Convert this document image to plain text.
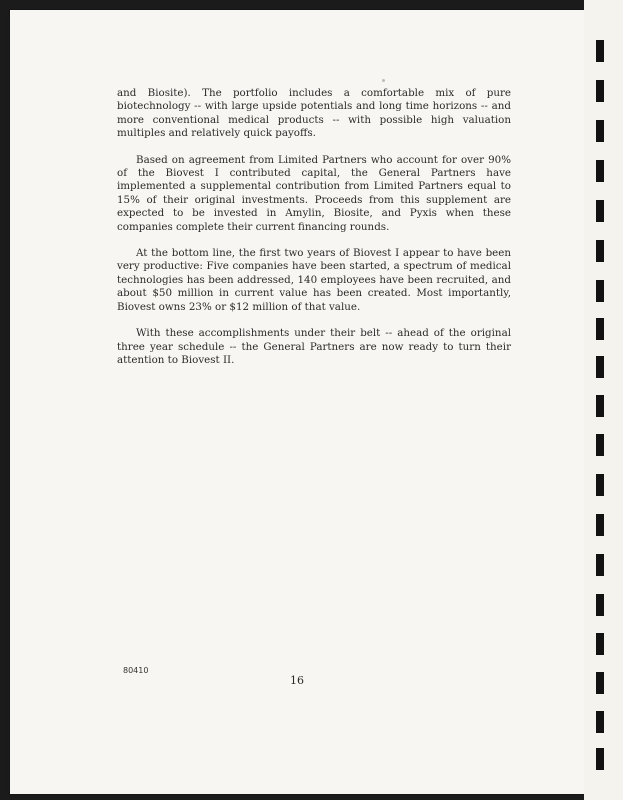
and Biosite). The portfolio includes a comfortable mix of pure biotechnology -- with large upside potentials and long time horizons -- and more conventional medical products -- with possible high valuation multiples and relatively quick payoffs.

Based on agreement from Limited Partners who account for over 90% of the Biovest I contributed capital, the General Partners have implemented a supplemental contribution from Limited Partners equal to 15% of their original investments. Proceeds from this supplement are expected to be invested in Amylin, Biosite, and Pyxis when these companies complete their current financing rounds.

At the bottom line, the first two years of Biovest I appear to have been very productive: Five companies have been started, a spectrum of medical technologies has been addressed, 140 employees have been recruited, and about $50 million in current value has been created. Most importantly, Biovest owns 23% or $12 million of that value.

With these accomplishments under their belt -- ahead of the original three year schedule -- the General Partners are now ready to turn their attention to Biovest II.

80410
16
